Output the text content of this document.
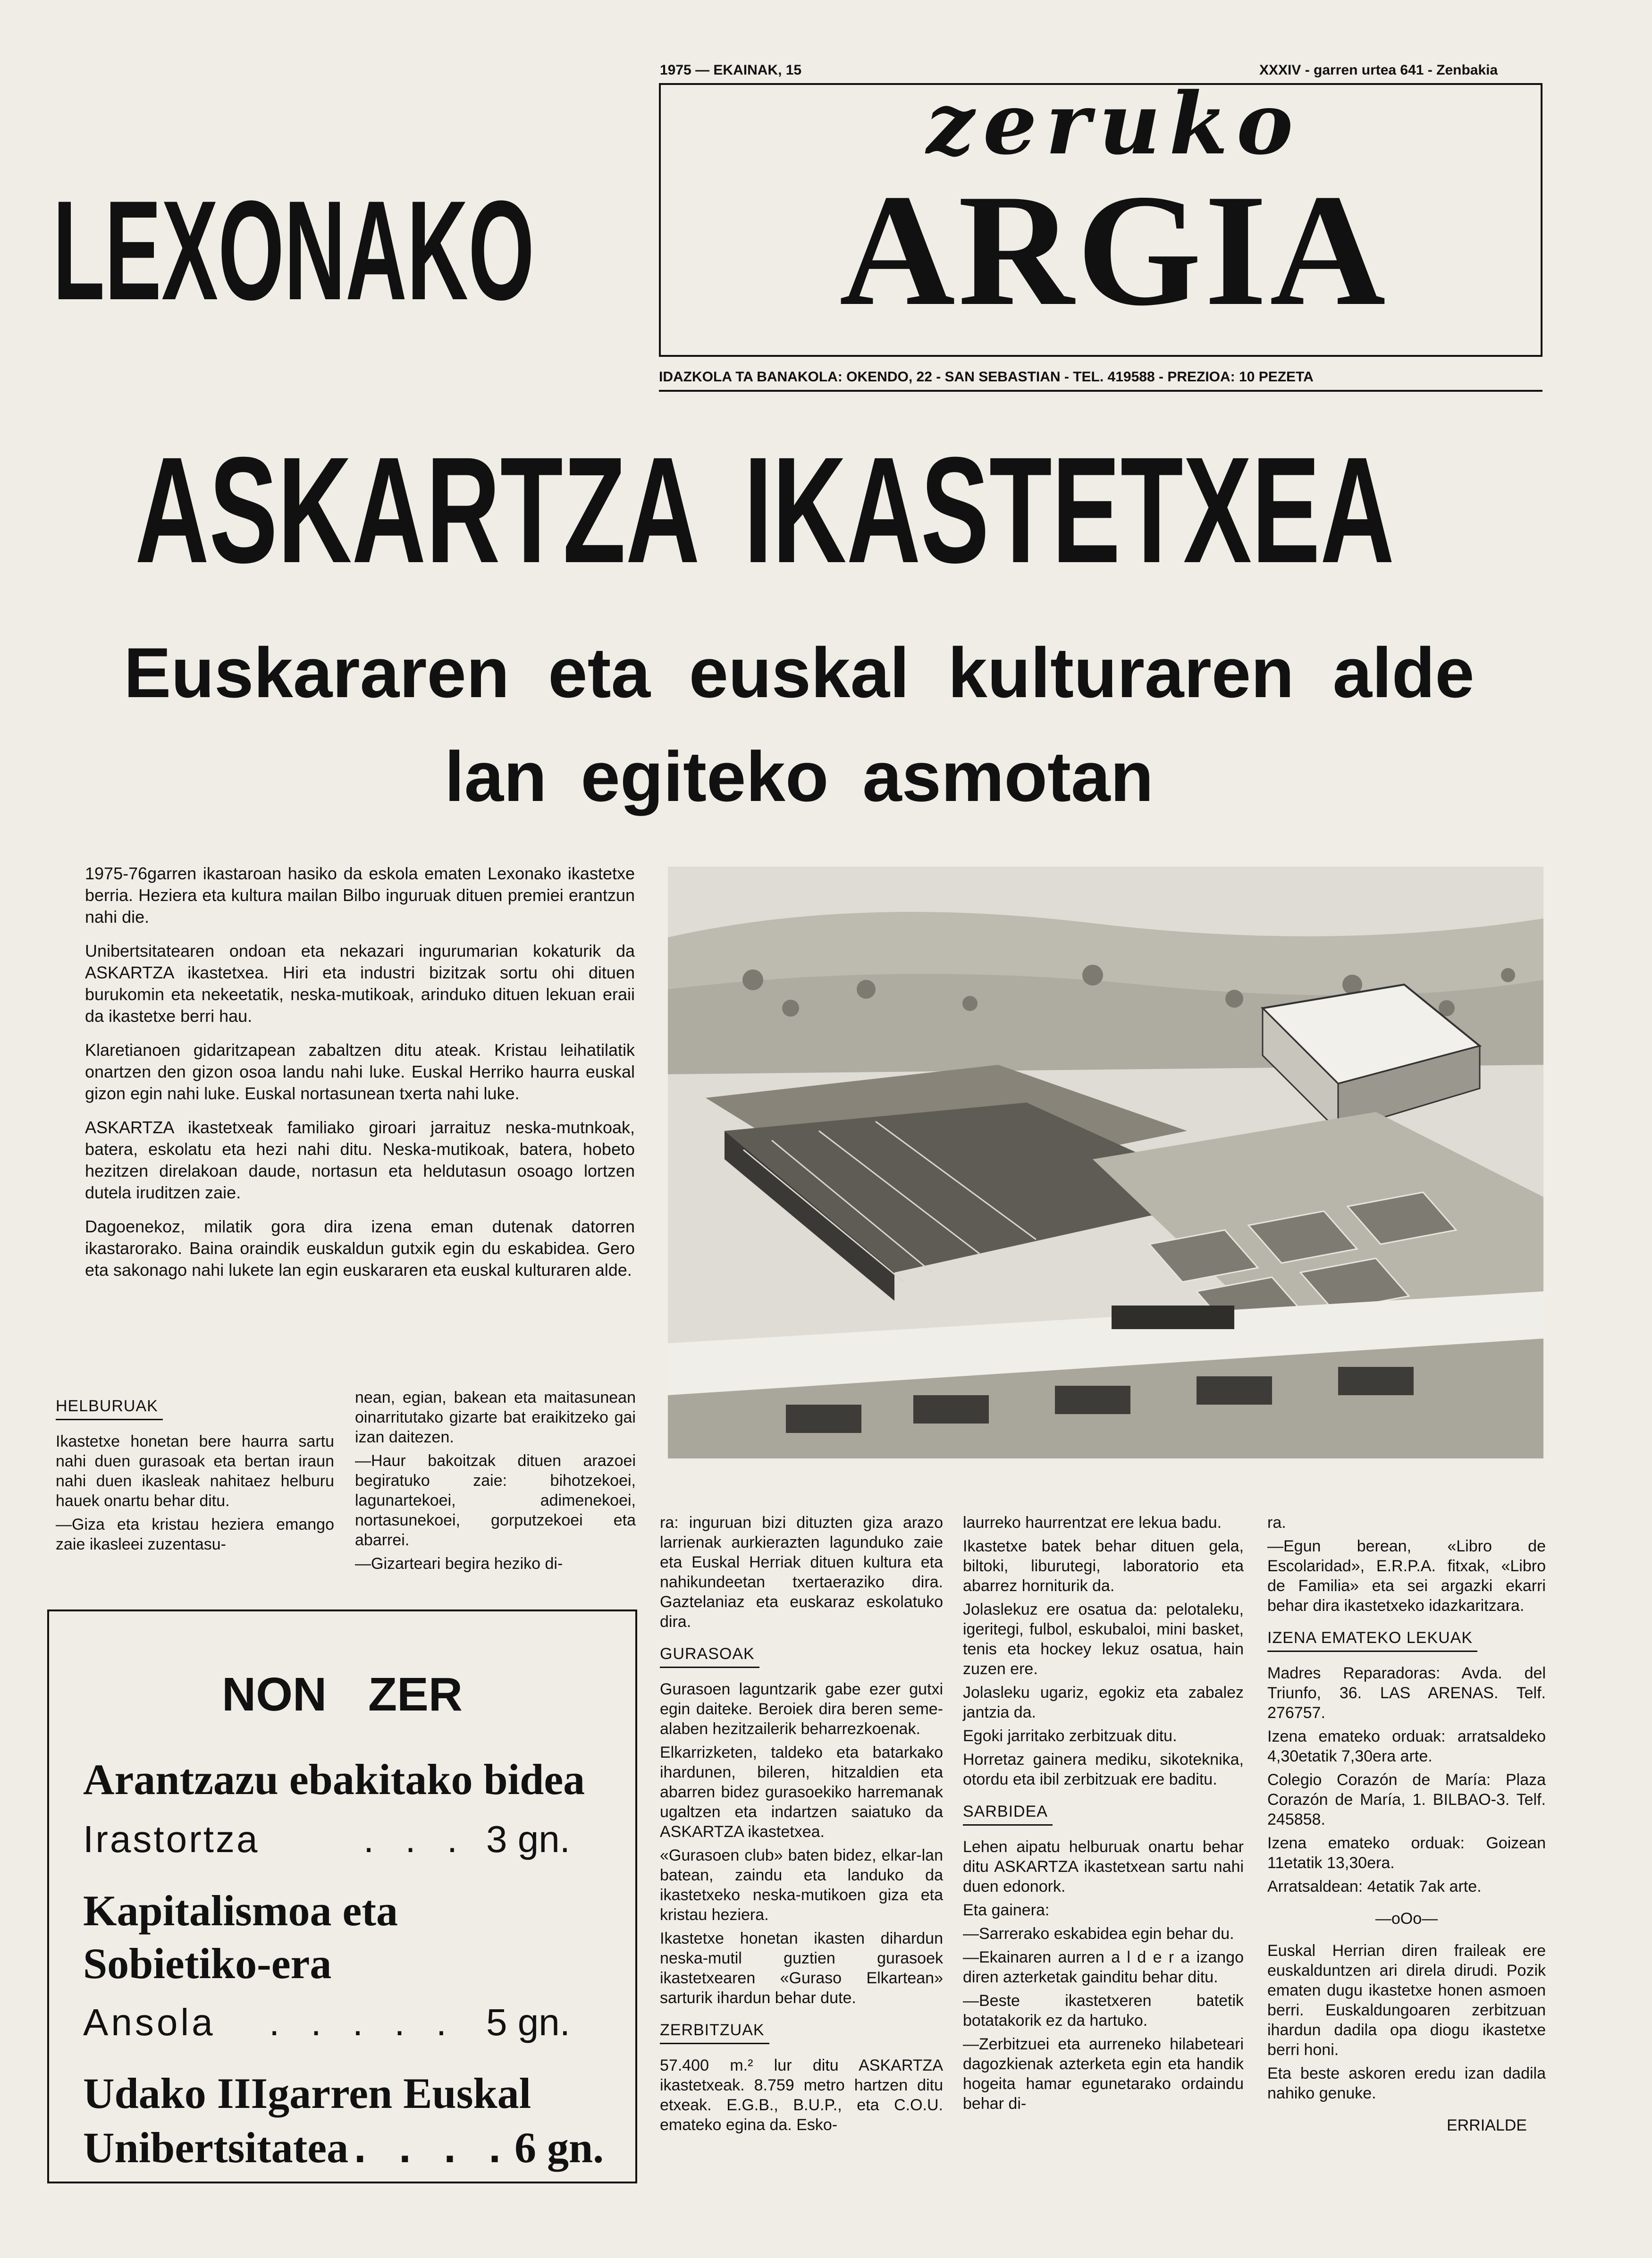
1975 — EKAINAK, 15	XXXIV - garren urtea 641 - Zenbakia
zeruko
ARGIA
IDAZKOLA TA BANAKOLA: OKENDO, 22 - SAN SEBASTIAN - TEL. 419588 - PREZIOA: 10 PEZETA
LEXONAKO
ASKARTZA IKASTETXEA
Euskararen eta euskal kulturaren alde
lan egiteko asmotan

1975-76garren ikastaroan hasiko da eskola ematen Lexonako ikastetxe berria. Heziera eta kultura mailan Bilbo inguruak dituen premiei erantzun nahi die.

Unibertsitatearen ondoan eta nekazari ingurumarian kokaturik da ASKARTZA ikastetxea. Hiri eta industri bizitzak sortu ohi dituen burukomin eta nekeetatik, neska-mutikoak, arinduko dituen lekuan eraii da ikastetxe berri hau.

Klaretianoen gidaritzapean zabaltzen ditu ateak. Kristau leihatilatik onartzen den gizon osoa landu nahi luke. Euskal Herriko haurra euskal gizon egin nahi luke. Euskal nortasunean txerta nahi luke.

ASKARTZA ikastetxeak familiako giroari jarraituz neska-mutnkoak, batera, eskolatu eta hezi nahi ditu. Neska-mutikoak, batera, hobeto hezitzen direlakoan daude, nortasun eta heldutasun osoago lortzen dutela iruditzen zaie.

Dagoenekoz, milatik gora dira izena eman dutenak datorren ikastarorako. Baina oraindik euskaldun gutxik egin du eskabidea. Gero eta sakonago nahi lukete lan egin euskararen eta euskal kulturaren alde.

HELBURUAK

Ikastetxe honetan bere haurra sartu nahi duen gurasoak eta bertan iraun nahi duen ikasleak nahitaez helburu hauek onartu behar ditu.

—Giza eta kristau heziera emango zaie ikasleei zuzentasu-

nean, egian, bakean eta maitasunean oinarritutako gizarte bat eraikitzeko gai izan daitezen.

—Haur bakoitzak dituen arazoei begiratuko zaie: bihotzekoei, lagunartekoei, adimenekoei, nortasunekoei, gorputzekoei eta abarrei.

—Gizarteari begira heziko di-

NON ZER
Arantzazu ebakitako bidea
Irastortza	. . . 3 gn.
Kapitalismoa eta
Sobietiko-era
Ansola . . . . . 5 gn.
Udako IIIgarren Euskal
Unibertsitatea . . . . 6 gn.

ra: inguruan bizi dituzten giza arazo larrienak aurkierazten lagunduko zaie eta Euskal Herriak dituen kultura eta nahikundeetan txertaeraziko dira. Gaztelaniaz eta euskaraz eskolatuko dira.

GURASOAK

Gurasoen laguntzarik gabe ezer gutxi egin daiteke. Beroiek dira beren seme-alaben hezitzailerik beharrezkoenak.

Elkarrizketen, taldeko eta batarkako ihardunen, bileren, hitzaldien eta abarren bidez gurasoekiko harremanak ugaltzen eta indartzen saiatuko da ASKARTZA ikastetxea.

«Gurasoen club» baten bidez, elkar-lan batean, zaindu eta landuko da ikastetxeko neska-mutikoen giza eta kristau heziera.

Ikastetxe honetan ikasten dihardun neska-mutil guztien gurasoek ikastetxearen «Guraso Elkartean» sarturik ihardun behar dute.

ZERBITZUAK

57.400 m.² lur ditu ASKARTZA ikastetxeak. 8.759 metro hartzen ditu etxeak. E.G.B., B.U.P., eta C.O.U. emateko egina da. Esko-

laurreko haurrentzat ere lekua badu.

Ikastetxe batek behar dituen gela, biltoki, liburutegi, laboratorio eta abarrez horniturik da.

Jolaslekuz ere osatua da: pelotaleku, igeritegi, fulbol, eskubaloi, mini basket, tenis eta hockey lekuz osatua, hain zuzen ere.

Jolasleku ugariz, egokiz eta zabalez jantzia da.

Egoki jarritako zerbitzuak ditu.

Horretaz gainera mediku, sikoteknika, otordu eta ibil zerbitzuak ere baditu.

SARBIDEA

Lehen aipatu helburuak onartu behar ditu ASKARTZA ikastetxean sartu nahi duen edonork.

Eta gainera:

—Sarrerako eskabidea egin behar du.

—Ekainaren aurren a l d e r a izango diren azterketak gainditu behar ditu.

—Beste ikastetxeren batetik botatakorik ez da hartuko.

—Zerbitzuei eta aurreneko hilabeteari dagozkienak azterketa egin eta handik hogeita hamar egunetarako ordaindu behar di-

ra.

—Egun berean, «Libro de Escolaridad», E.R.P.A. fitxak, «Libro de Familia» eta sei argazki ekarri behar dira ikastetxeko idazkaritzara.

IZENA EMATEKO LEKUAK

Madres Reparadoras: Avda. del Triunfo, 36. LAS ARENAS. Telf. 276757.

Izena emateko orduak: arratsaldeko 4,30etatik 7,30era arte.

Colegio Corazón de María: Plaza Corazón de María, 1. BILBAO-3. Telf. 245858.

Izena emateko orduak: Goizean 11etatik 13,30era.

Arratsaldean: 4etatik 7ak arte.

—oOo—

Euskal Herrian diren fraileak ere euskalduntzen ari direla dirudi. Pozik ematen dugu ikastetxe honen asmoen berri. Euskaldungoaren zerbitzuan ihardun dadila opa diogu ikastetxe berri honi.

Eta beste askoren eredu izan dadila nahiko genuke.

ERRIALDE
